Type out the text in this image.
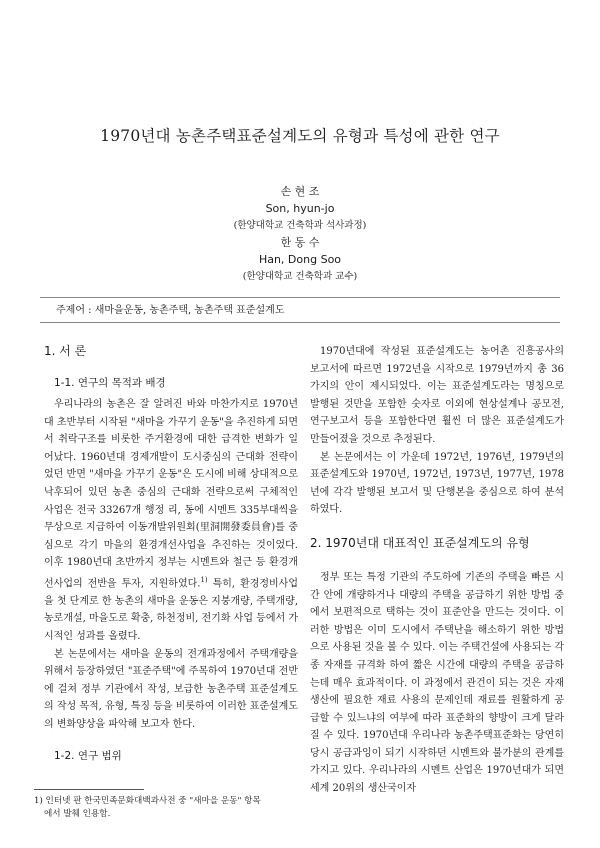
1970년대 농촌주택표준설계도의 유형과 특성에 관한 연구
손 현 조
Son, hyun-jo
(한양대학교 건축학과 석사과정)
한 동 수
Han, Dong Soo
(한양대학교 건축학과 교수)
주제어 : 새마을운동, 농촌주택, 농촌주택 표준설계도
1. 서 론
1-1. 연구의 목적과 배경

우리나라의 농촌은 잘 알려진 바와 마찬가지로 1970년대 초반부터 시작된 "새마을 가꾸기 운동"을 추진하게 되면서 취락구조를 비롯한 주거환경에 대한 급격한 변화가 일어났다. 1960년대 경제개발이 도시중심의 근대화 전략이었던 반면 "새마을 가꾸기 운동"은 도시에 비해 상대적으로 낙후되어 있던 농촌 중심의 근대화 전략으로써 구체적인 사업은 전국 33267개 행정 리, 동에 시멘트 335부대씩을 무상으로 지급하여 이동개발위원회(里洞開發委員會)를 중심으로 각기 마을의 환경개선사업을 추진하는 것이었다. 이후 1980년대 초반까지 정부는 시멘트와 철근 등 환경개선사업의 전반을 투자, 지원하였다.$^{1)}$ 특히, 환경정비사업을 첫 단계로 한 농촌의 새마을 운동은 지붕개량, 주택개량, 농로개설, 마을도로 확충, 하천정비, 전기화 사업 등에서 가시적인 성과를 올렸다.

본 논문에서는 새마을 운동의 전개과정에서 주택개량을 위해서 등장하였던 "표준주택"에 주목하여 1970년대 전반에 걸쳐 정부 기관에서 작성, 보급한 농촌주택 표준설계도의 작성 목적, 유형, 특징 등을 비롯하여 이러한 표준설계도의 변화양상을 파악해 보고자 한다.

1-2. 연구 범위

1970년대에 작성된 표준설계도는 농어촌 진흥공사의 보고서에 따르면 1972년을 시작으로 1979년까지 총 36가지의 안이 제시되었다. 이는 표준설계도라는 명칭으로 발행된 것만을 포함한 숫자로 이외에 현상설계나 공모전, 연구보고서 등을 포함한다면 훨씬 더 많은 표준설계도가 만들어졌을 것으로 추정된다.

본 논문에서는 이 가운데 1972년, 1976년, 1979년의 표준설계도와 1970년, 1972년, 1973년, 1977년, 1978년에 각각 발행된 보고서 및 단행본을 중심으로 하여 분석하였다.

2. 1970년대 대표적인 표준설계도의 유형

정부 또는 특정 기관의 주도하에 기존의 주택을 빠른 시간 안에 개량하거나 대량의 주택을 공급하기 위한 방법 중에서 보편적으로 택하는 것이 표준안을 만드는 것이다. 이러한 방법은 이미 도시에서 주택난을 해소하기 위한 방법으로 사용된 것을 볼 수 있다. 이는 주택건설에 사용되는 각종 자재를 규격화 하여 짧은 시간에 대량의 주택을 공급하는데 매우 효과적이다. 이 과정에서 관건이 되는 것은 자재 생산에 필요한 재료 사용의 문제인데 재료를 원활하게 공급할 수 있느냐의 여부에 따라 표준화의 향방이 크게 달라질 수 있다. 1970년대 우리나라 농촌주택표준화는 당연히 당시 공급과잉이 되기 시작하던 시멘트와 불가분의 관계를 가지고 있다. 우리나라의 시멘트 산업은 1970년대가 되면 세계 20위의 생산국이자

1) 인터넷 판 한국민족문화대백과사전 중 "새마을 운동" 항목
에서 발췌 인용함.
